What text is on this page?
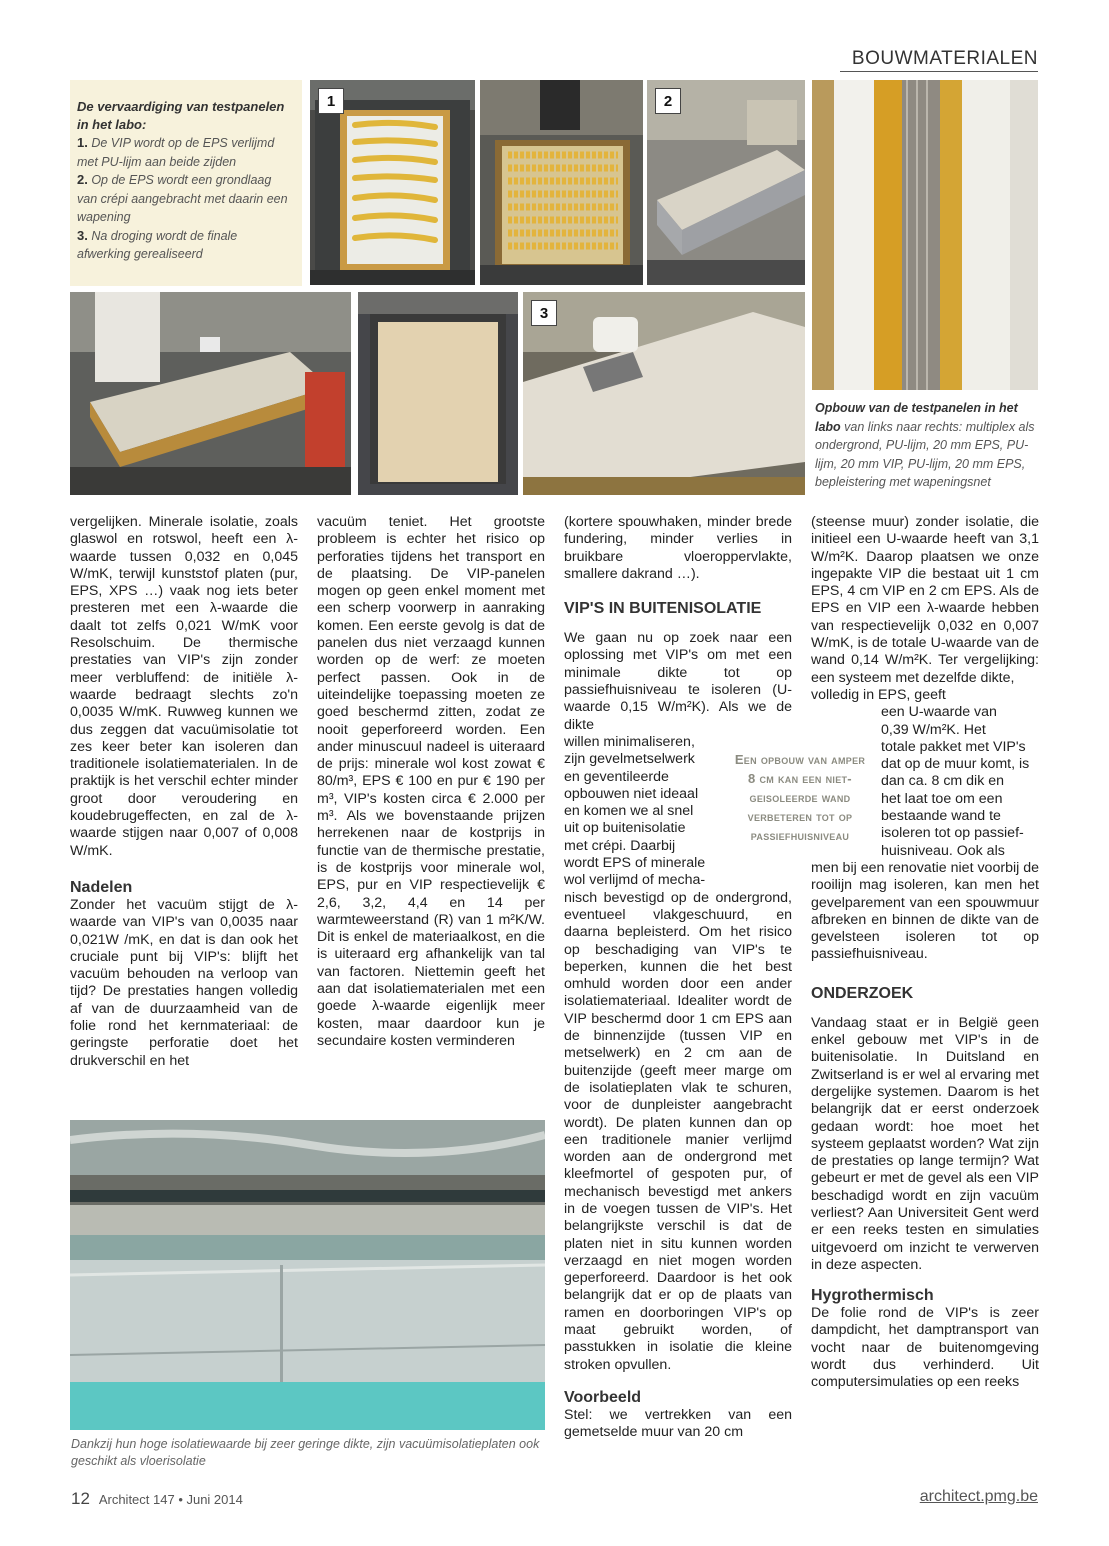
BOUWMATERIALEN
De vervaardiging van testpanelen in het labo:
1. De VIP wordt op de EPS verlijmd met PU-lijm aan beide zijden
2. Op de EPS wordt een grondlaag van crépi aangebracht met daarin een wapening
3. Na droging wordt de finale afwerking gerealiseerd
1	2
3
Opbouw van de testpanelen in het labo van links naar rechts: multiplex als ondergrond, PU-lijm, 20 mm EPS, PU-lijm, 20 mm VIP, PU-lijm, 20 mm EPS, bepleistering met wapeningsnet

vergelijken. Minerale isolatie, zoals glaswol en rotswol, heeft een λ-waarde tussen 0,032 en 0,045 W/mK, terwijl kunststof platen (pur, EPS, XPS …) vaak nog iets beter presteren met een λ-waarde die daalt tot zelfs 0,021 W/mK voor Resolschuim. De thermische prestaties van VIP's zijn zonder meer verbluffend: de initiële λ-waarde bedraagt slechts zo'n 0,0035 W/mK. Ruwweg kunnen we dus zeggen dat vacuümisolatie tot zes keer beter kan isoleren dan traditionele isolatiematerialen. In de praktijk is het verschil echter minder groot door veroudering en koudebrugeffecten, en zal de λ-waarde stijgen naar 0,007 of 0,008 W/mK.

Nadelen

Zonder het vacuüm stijgt de λ-waarde van VIP's van 0,0035 naar 0,021W /mK, en dat is dan ook het cruciale punt bij VIP's: blijft het vacuüm behouden na verloop van tijd? De prestaties hangen volledig af van de duurzaamheid van de folie rond het kernmateriaal: de geringste perforatie doet het drukverschil en het

vacuüm teniet. Het grootste probleem is echter het risico op perforaties tijdens het transport en de plaatsing. De VIP-panelen mogen op geen enkel moment met een scherp voorwerp in aanraking komen. Een eerste gevolg is dat de panelen dus niet verzaagd kunnen worden op de werf: ze moeten perfect passen. Ook in de uiteindelijke toepassing moeten ze goed beschermd zitten, zodat ze nooit geperforeerd worden. Een ander minuscuul nadeel is uiteraard de prijs: minerale wol kost zowat € 80/m³, EPS € 100 en pur € 190 per m³, VIP's kosten circa € 2.000 per m³. Als we bovenstaande prijzen herrekenen naar de kostprijs in functie van de thermische prestatie, is de kostprijs voor minerale wol, EPS, pur en VIP respectievelijk € 2,6, 3,2, 4,4 en 14 per warmteweerstand (R) van 1 m²K/W. Dit is enkel de materiaalkost, en die is uiteraard erg afhankelijk van tal van factoren. Niettemin geeft het aan dat isolatiematerialen met een goede λ-waarde eigenlijk meer kosten, maar daardoor kun je secundaire kosten verminderen

(kortere spouwhaken, minder brede fundering, minder verlies in bruikbare vloeroppervlakte, smallere dakrand …).

VIP'S IN BUITENISOLATIE

We gaan nu op zoek naar een oplossing met VIP's om met een minimale dikte tot op passiefhuisniveau te isoleren (U-waarde 0,15 W/m²K). Als we de dikte

willen minimaliseren,
zijn gevelmetselwerk
en geventileerde
opbouwen niet ideaal
en komen we al snel
uit op buitenisolatie
met crépi. Daarbij
wordt EPS of minerale
wol verlijmd of mecha-

nisch bevestigd op de ondergrond, eventueel vlakgeschuurd, en daarna bepleisterd. Om het risico op beschadiging van VIP's te beperken, kunnen die het best omhuld worden door een ander isolatiemateriaal. Idealiter wordt de VIP beschermd door 1 cm EPS aan de binnenzijde (tussen VIP en metselwerk) en 2 cm aan de buitenzijde (geeft meer marge om de isolatieplaten vlak te schuren, voor de dunpleister aangebracht wordt). De platen kunnen dan op een traditionele manier verlijmd worden aan de ondergrond met kleefmortel of gespoten pur, of mechanisch bevestigd met ankers in de voegen tussen de VIP's. Het belangrijkste verschil is dat de platen niet in situ kunnen worden verzaagd en niet mogen worden geperforeerd. Daardoor is het ook belangrijk dat er op de plaats van ramen en doorboringen VIP's op maat gebruikt worden, of passtukken in isolatie die kleine stroken opvullen.

Voorbeeld

Stel: we vertrekken van een gemetselde muur van 20 cm

Een opbouw van amper 8 cm kan een niet-geisoleerde wand verbeteren tot op passiefhuisniveau

(steense muur) zonder isolatie, die initieel een U-waarde heeft van 3,1 W/m²K. Daarop plaatsen we onze ingepakte VIP die bestaat uit 1 cm EPS, 4 cm VIP en 2 cm EPS. Als de EPS en VIP een λ-waarde hebben van respectievelijk 0,032 en 0,007 W/mK, is de totale U-waarde van de wand 0,14 W/m²K. Ter vergelijking: een systeem met dezelfde dikte,

volledig in EPS, geeft
een U-waarde van
0,39 W/m²K. Het
totale pakket met VIP's
dat op de muur komt, is
dan ca. 8 cm dik en
het laat toe om een
bestaande wand te
isoleren tot op passief-
huisniveau. Ook als

men bij een renovatie niet voorbij de rooilijn mag isoleren, kan men het gevelparement van een spouwmuur afbreken en binnen de dikte van de gevelsteen isoleren tot op passiefhuisniveau.

ONDERZOEK

Vandaag staat er in België geen enkel gebouw met VIP's in de buitenisolatie. In Duitsland en Zwitserland is er wel al ervaring met dergelijke systemen. Daarom is het belangrijk dat er eerst onderzoek gedaan wordt: hoe moet het systeem geplaatst worden? Wat zijn de prestaties op lange termijn? Wat gebeurt er met de gevel als een VIP beschadigd wordt en zijn vacuüm verliest? Aan Universiteit Gent werd er een reeks testen en simulaties uitgevoerd om inzicht te verwerven in deze aspecten.

Hygrothermisch

De folie rond de VIP's is zeer dampdicht, het damptransport van vocht naar de buitenomgeving wordt dus verhinderd. Uit computersimulaties op een reeks

Dankzij hun hoge isolatiewaarde bij zeer geringe dikte, zijn vacuümisolatieplaten ook geschikt als vloerisolatie
12 Architect 147 • Juni 2014	architect.pmg.be
